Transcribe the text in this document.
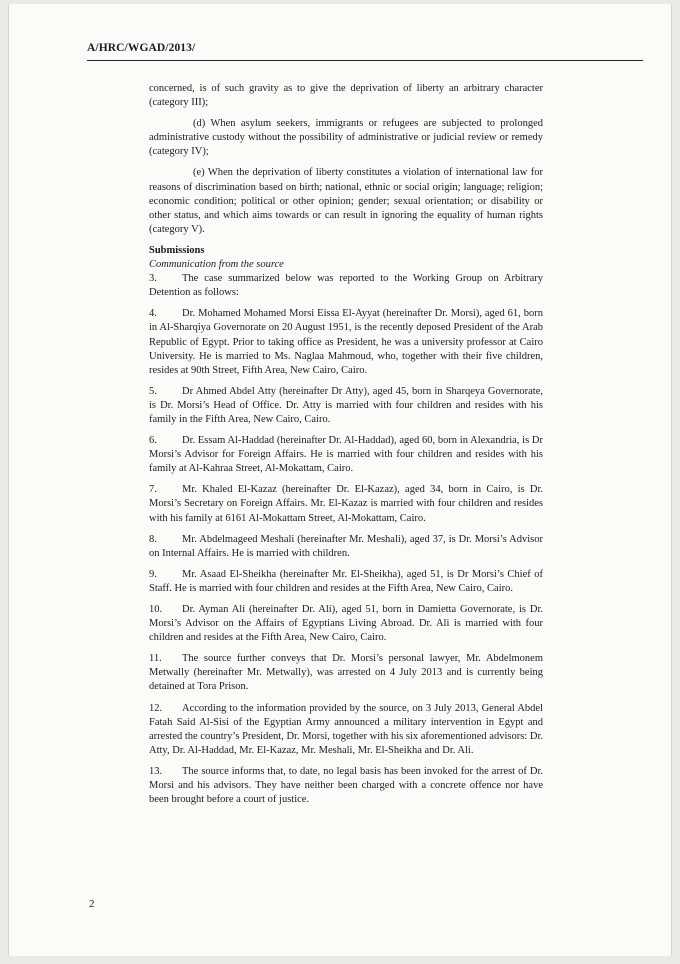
A/HRC/WGAD/2013/

concerned, is of such gravity as to give the deprivation of liberty an arbitrary character (category III);

(d) When asylum seekers, immigrants or refugees are subjected to prolonged administrative custody without the possibility of administrative or judicial review or remedy (category IV);

(e) When the deprivation of liberty constitutes a violation of international law for reasons of discrimination based on birth; national, ethnic or social origin; language; religion; economic condition; political or other opinion; gender; sexual orientation; or disability or other status, and which aims towards or can result in ignoring the equality of human rights (category V).

Submissions

Communication from the source

3. The case summarized below was reported to the Working Group on Arbitrary Detention as follows:

4. Dr. Mohamed Mohamed Morsi Eissa El-Ayyat (hereinafter Dr. Morsi), aged 61, born in Al-Sharqiya Governorate on 20 August 1951, is the recently deposed President of the Arab Republic of Egypt. Prior to taking office as President, he was a university professor at Cairo University. He is married to Ms. Naglaa Mahmoud, who, together with their five children, resides at 90th Street, Fifth Area, New Cairo, Cairo.

5. Dr Ahmed Abdel Atty (hereinafter Dr Atty), aged 45, born in Sharqeya Governorate, is Dr. Morsi’s Head of Office. Dr. Atty is married with four children and resides with his family in the Fifth Area, New Cairo, Cairo.

6. Dr. Essam Al-Haddad (hereinafter Dr. Al-Haddad), aged 60, born in Alexandria, is Dr Morsi’s Advisor for Foreign Affairs. He is married with four children and resides with his family at Al-Kahraa Street, Al-Mokattam, Cairo.

7. Mr. Khaled El-Kazaz (hereinafter Dr. El-Kazaz), aged 34, born in Cairo, is Dr. Morsi’s Secretary on Foreign Affairs. Mr. El-Kazaz is married with four children and resides with his family at 6161 Al-Mokattam Street, Al-Mokattam, Cairo.

8. Mr. Abdelmageed Meshali (hereinafter Mr. Meshali), aged 37, is Dr. Morsi’s Advisor on Internal Affairs. He is married with children.

9. Mr. Asaad El-Sheikha (hereinafter Mr. El-Sheikha), aged 51, is Dr Morsi’s Chief of Staff. He is married with four children and resides at the Fifth Area, New Cairo, Cairo.

10. Dr. Ayman Ali (hereinafter Dr. Ali), aged 51, born in Damietta Governorate, is Dr. Morsi’s Advisor on the Affairs of Egyptians Living Abroad. Dr. Ali is married with four children and resides at the Fifth Area, New Cairo, Cairo.

11. The source further conveys that Dr. Morsi’s personal lawyer, Mr. Abdelmonem Metwally (hereinafter Mr. Metwally), was arrested on 4 July 2013 and is currently being detained at Tora Prison.

12. According to the information provided by the source, on 3 July 2013, General Abdel Fatah Said Al-Sisi of the Egyptian Army announced a military intervention in Egypt and arrested the country’s President, Dr. Morsi, together with his six aforementioned advisors: Dr. Atty, Dr. Al-Haddad, Mr. El-Kazaz, Mr. Meshali, Mr. El-Sheikha and Dr. Ali.

13. The source informs that, to date, no legal basis has been invoked for the arrest of Dr. Morsi and his advisors. They have neither been charged with a concrete offence nor have been brought before a court of justice.

2
